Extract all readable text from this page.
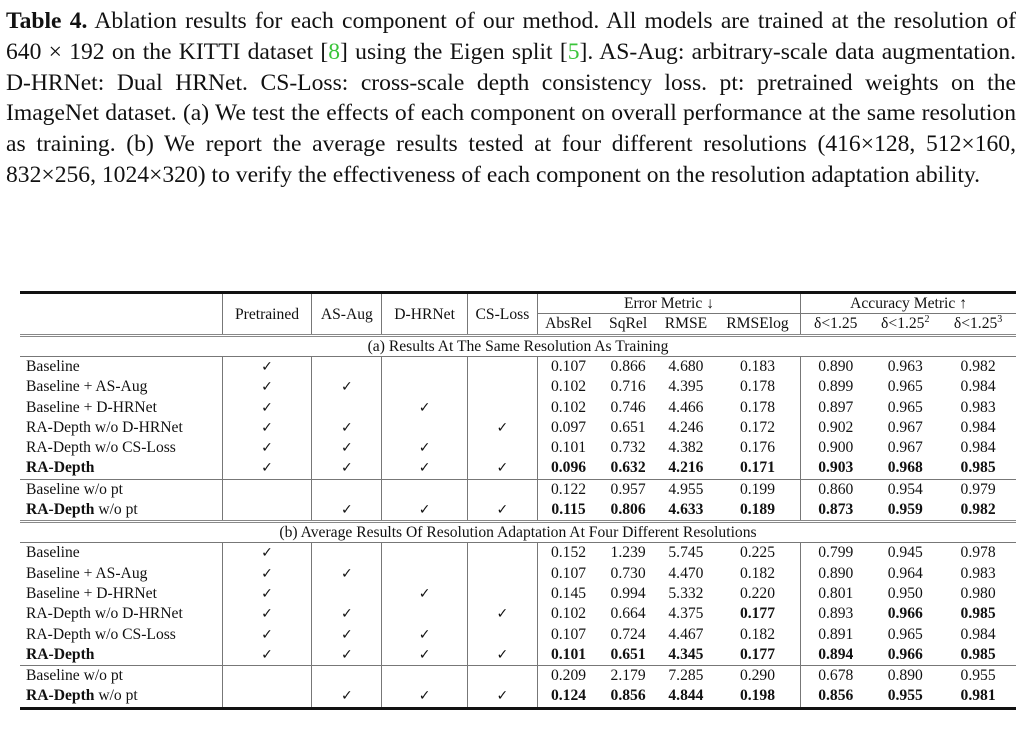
Table 4. Ablation results for each component of our method. All models are trained at the resolution of 640 × 192 on the KITTI dataset [8] using the Eigen split [5]. AS-Aug: arbitrary-scale data augmentation. D-HRNet: Dual HRNet. CS-Loss: cross-scale depth consistency loss. pt: pretrained weights on the ImageNet dataset. (a) We test the effects of each component on overall performance at the same resolution as training. (b) We report the average results tested at four different resolutions (416×128, 512×160, 832×256, 1024×320) to verify the effectiveness of each component on the resolution adaptation ability.

	Pretrained	AS-Aug	D-HRNet	CS-Loss	Error Metric ↓				Accuracy Metric ↑		
					AbsRel	SqRel	RMSE	RMSElog	δ<1.25	$\delta<1.25^2$	$\delta<1.25^3$
(a) Results At The Same Resolution As Training											
Baseline	✓				0.107	0.866	4.680	0.183	0.890	0.963	0.982
Baseline + AS-Aug	✓	✓			0.102	0.716	4.395	0.178	0.899	0.965	0.984
Baseline + D-HRNet	✓		✓		0.102	0.746	4.466	0.178	0.897	0.965	0.983
RA-Depth w/o D-HRNet	✓	✓		✓	0.097	0.651	4.246	0.172	0.902	0.967	0.984
RA-Depth w/o CS-Loss	✓	✓	✓		0.101	0.732	4.382	0.176	0.900	0.967	0.984
RA-Depth	✓	✓	✓	✓	0.096	0.632	4.216	0.171	0.903	0.968	0.985
Baseline w/o pt					0.122	0.957	4.955	0.199	0.860	0.954	0.979
RA-Depth w/o pt		✓	✓	✓	0.115	0.806	4.633	0.189	0.873	0.959	0.982
(b) Average Results Of Resolution Adaptation At Four Different Resolutions											
Baseline	✓				0.152	1.239	5.745	0.225	0.799	0.945	0.978
Baseline + AS-Aug	✓	✓			0.107	0.730	4.470	0.182	0.890	0.964	0.983
Baseline + D-HRNet	✓		✓		0.145	0.994	5.332	0.220	0.801	0.950	0.980
RA-Depth w/o D-HRNet	✓	✓		✓	0.102	0.664	4.375	0.177	0.893	0.966	0.985
RA-Depth w/o CS-Loss	✓	✓	✓		0.107	0.724	4.467	0.182	0.891	0.965	0.984
RA-Depth	✓	✓	✓	✓	0.101	0.651	4.345	0.177	0.894	0.966	0.985
Baseline w/o pt					0.209	2.179	7.285	0.290	0.678	0.890	0.955
RA-Depth w/o pt		✓	✓	✓	0.124	0.856	4.844	0.198	0.856	0.955	0.981
